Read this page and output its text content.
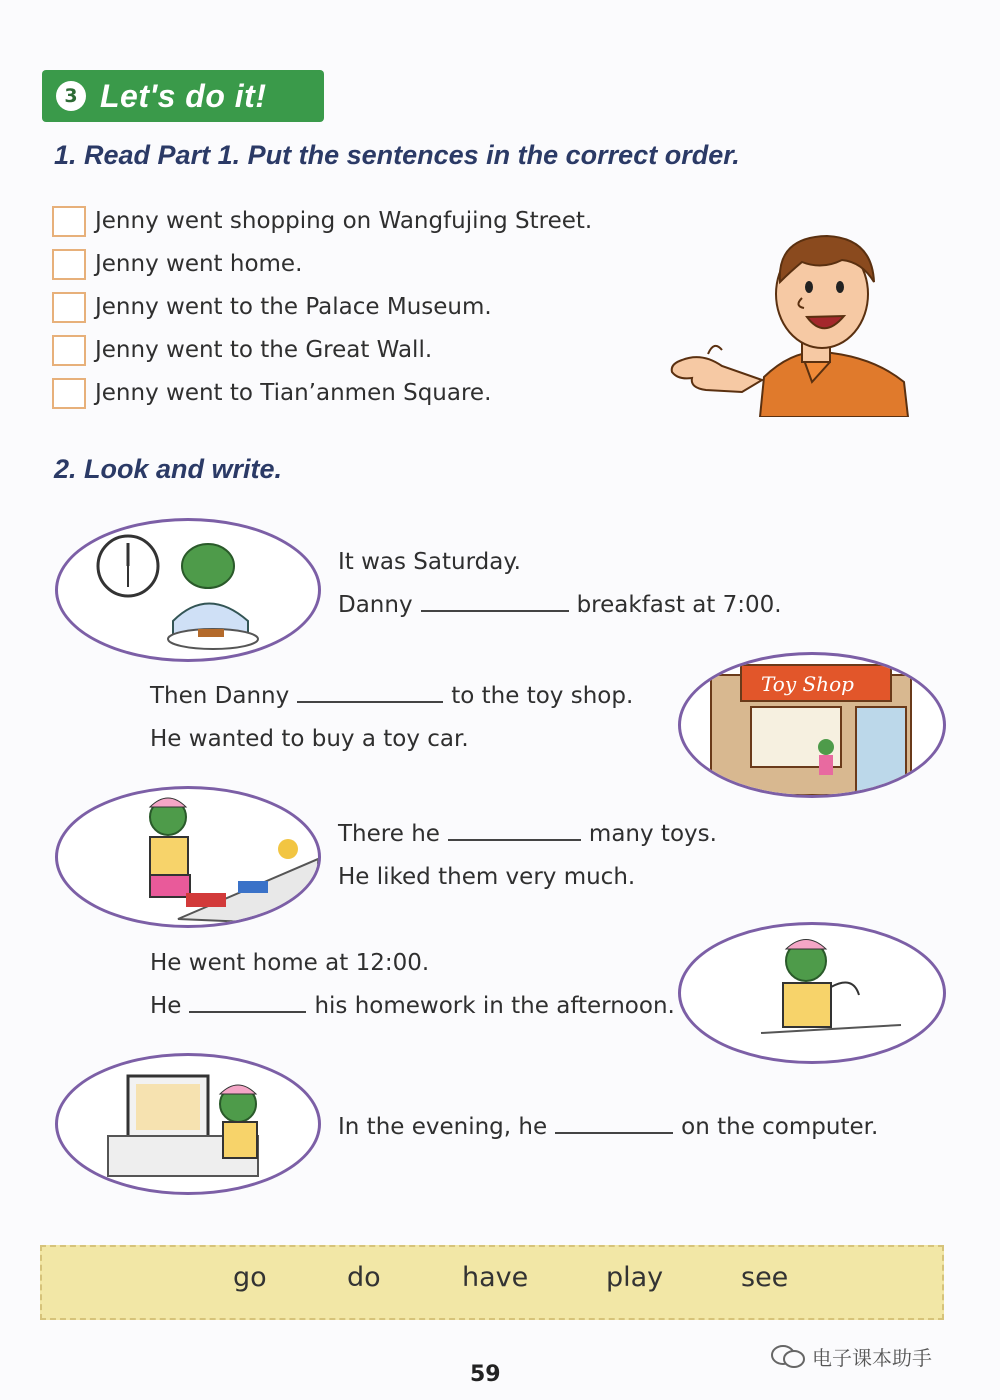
3 Let's do it!
1. Read Part 1. Put the sentences in the correct order.
Jenny went shopping on Wangfujing Street.
Jenny went home.
Jenny went to the Palace Museum.
Jenny went to the Great Wall.
Jenny went to Tian’anmen Square.
2. Look and write.
It was Saturday.
Danny	breakfast at 7:00.
Then Danny	to the toy shop.
He wanted to buy a toy car.
Toy Shop
There he	many toys.
He liked them very much.
He went home at 12:00.
He	his homework in the afternoon.
In the evening, he	on the computer.
go	do	have	play	see
59
电子课本助手
